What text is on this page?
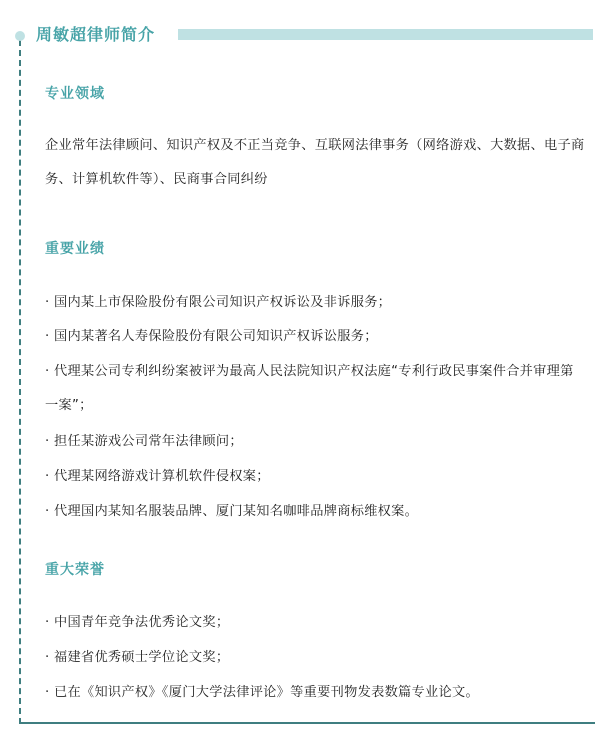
周敏超律师简介
专业领域
企业常年法律顾问、知识产权及不正当竞争、互联网法律事务（网络游戏、大数据、电子商务、计算机软件等）、民商事合同纠纷
重要业绩
· 国内某上市保险股份有限公司知识产权诉讼及非诉服务；
· 国内某著名人寿保险股份有限公司知识产权诉讼服务；
· 代理某公司专利纠纷案被评为最高人民法院知识产权法庭“专利行政民事案件合并审理第一案”；
· 担任某游戏公司常年法律顾问；
· 代理某网络游戏计算机软件侵权案；
· 代理国内某知名服装品牌、厦门某知名咖啡品牌商标维权案。
重大荣誉
· 中国青年竞争法优秀论文奖；
· 福建省优秀硕士学位论文奖；
· 已在《知识产权》《厦门大学法律评论》等重要刊物发表数篇专业论文。
